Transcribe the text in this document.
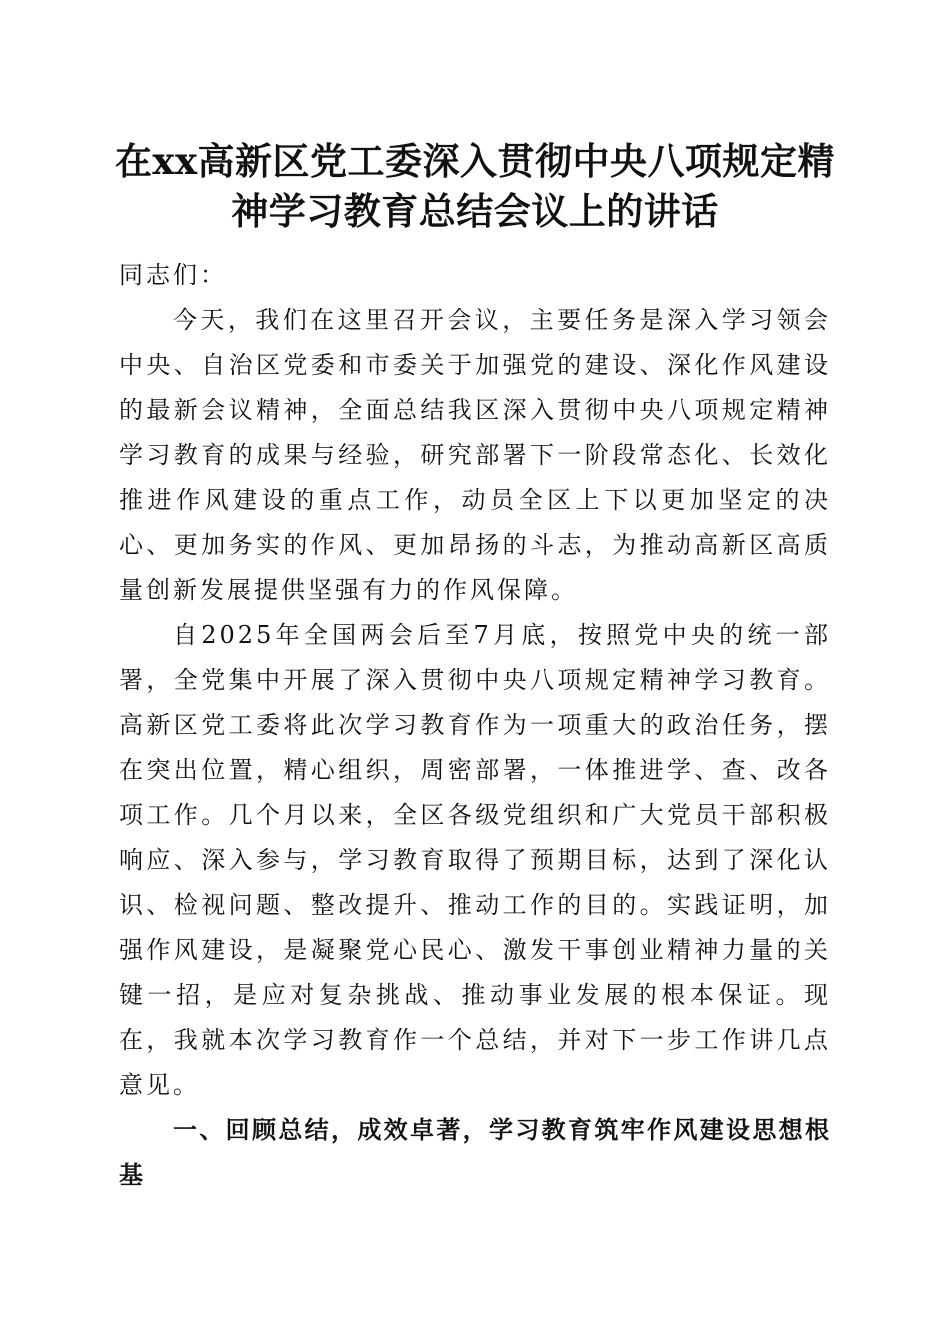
在xx高新区党工委深入贯彻中央八项规定精
神学习教育总结会议上的讲话

同志们：

今天，我们在这里召开会议，主要任务是深入学习领会中央、自治区党委和市委关于加强党的建设、深化作风建设的最新会议精神，全面总结我区深入贯彻中央八项规定精神学习教育的成果与经验，研究部署下一阶段常态化、长效化推进作风建设的重点工作，动员全区上下以更加坚定的决心、更加务实的作风、更加昂扬的斗志，为推动高新区高质量创新发展提供坚强有力的作风保障。

自2025年全国两会后至7月底，按照党中央的统一部署，全党集中开展了深入贯彻中央八项规定精神学习教育。高新区党工委将此次学习教育作为一项重大的政治任务，摆在突出位置，精心组织，周密部署，一体推进学、查、改各项工作。几个月以来，全区各级党组织和广大党员干部积极响应、深入参与，学习教育取得了预期目标，达到了深化认识、检视问题、整改提升、推动工作的目的。实践证明，加强作风建设，是凝聚党心民心、激发干事创业精神力量的关键一招，是应对复杂挑战、推动事业发展的根本保证。现在，我就本次学习教育作一个总结，并对下一步工作讲几点意见。

一、回顾总结，成效卓著，学习教育筑牢作风建设思想根基
